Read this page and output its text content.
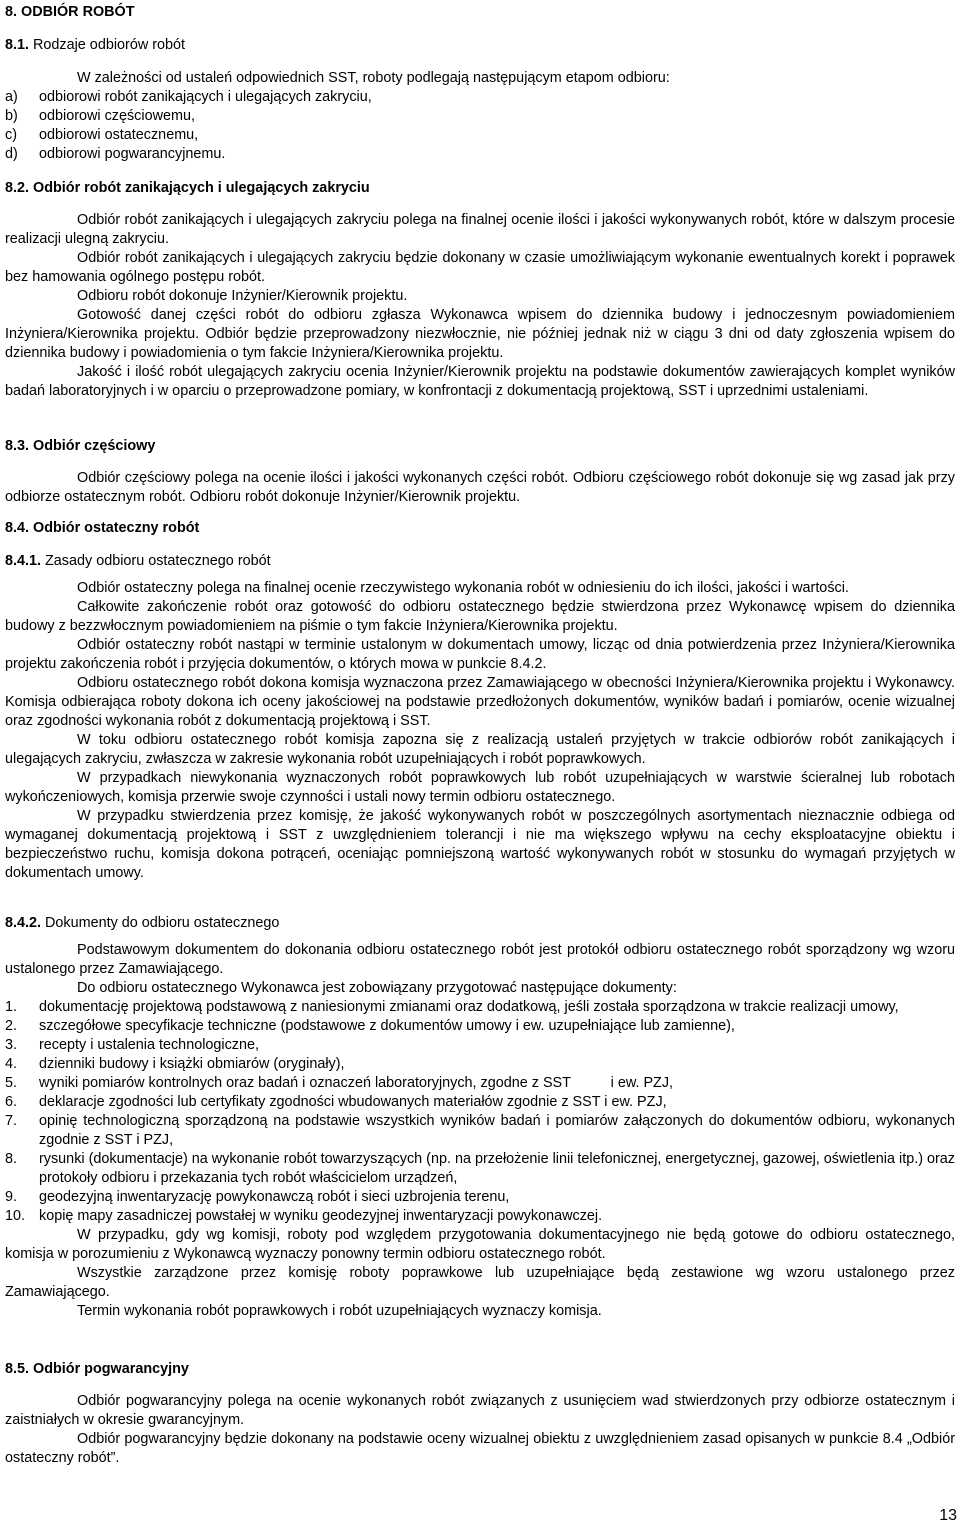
8. ODBIÓR ROBÓT

8.1. Rodzaje odbiorów robót

W zależności od ustaleń odpowiednich SST, roboty podlegają następującym etapom odbioru:

a) odbiorowi robót zanikających i ulegających zakryciu,
b) odbiorowi częściowemu,
c) odbiorowi ostatecznemu,
d) odbiorowi pogwarancyjnemu.

8.2. Odbiór robót zanikających i ulegających zakryciu

Odbiór robót zanikających i ulegających zakryciu polega na finalnej ocenie ilości i jakości wykonywanych robót, które w dalszym procesie realizacji ulegną zakryciu.

Odbiór robót zanikających i ulegających zakryciu będzie dokonany w czasie umożliwiającym wykonanie ewentualnych korekt i poprawek bez hamowania ogólnego postępu robót.

Odbioru robót dokonuje Inżynier/Kierownik projektu.

Gotowość danej części robót do odbioru zgłasza Wykonawca wpisem do dziennika budowy i jednoczesnym powiadomieniem Inżyniera/Kierownika projektu. Odbiór będzie przeprowadzony niezwłocznie, nie później jednak niż w ciągu 3 dni od daty zgłoszenia wpisem do dziennika budowy i powiadomienia o tym fakcie Inżyniera/Kierownika projektu.

Jakość i ilość robót ulegających zakryciu ocenia Inżynier/Kierownik projektu na podstawie dokumentów zawierających komplet wyników badań laboratoryjnych i w oparciu o przeprowadzone pomiary, w konfrontacji z dokumentacją projektową, SST i uprzednimi ustaleniami.

8.3. Odbiór częściowy

Odbiór częściowy polega na ocenie ilości i jakości wykonanych części robót. Odbioru częściowego robót dokonuje się wg zasad jak przy odbiorze ostatecznym robót. Odbioru robót dokonuje Inżynier/Kierownik projektu.

8.4. Odbiór ostateczny robót

8.4.1. Zasady odbioru ostatecznego robót

Odbiór ostateczny polega na finalnej ocenie rzeczywistego wykonania robót w odniesieniu do ich ilości, jakości i wartości.

Całkowite zakończenie robót oraz gotowość do odbioru ostatecznego będzie stwierdzona przez Wykonawcę wpisem do dziennika budowy z bezzwłocznym powiadomieniem na piśmie o tym fakcie Inżyniera/Kierownika projektu.

Odbiór ostateczny robót nastąpi w terminie ustalonym w dokumentach umowy, licząc od dnia potwierdzenia przez Inżyniera/Kierownika projektu zakończenia robót i przyjęcia dokumentów, o których mowa w punkcie 8.4.2.

Odbioru ostatecznego robót dokona komisja wyznaczona przez Zamawiającego w obecności Inżyniera/Kierownika projektu i Wykonawcy. Komisja odbierająca roboty dokona ich oceny jakościowej na podstawie przedłożonych dokumentów, wyników badań i pomiarów, ocenie wizualnej oraz zgodności wykonania robót z dokumentacją projektową i SST.

W toku odbioru ostatecznego robót komisja zapozna się z realizacją ustaleń przyjętych w trakcie odbiorów robót zanikających i ulegających zakryciu, zwłaszcza w zakresie wykonania robót uzupełniających i robót poprawkowych.

W przypadkach niewykonania wyznaczonych robót poprawkowych lub robót uzupełniających w warstwie ścieralnej lub robotach wykończeniowych, komisja przerwie swoje czynności i ustali nowy termin odbioru ostatecznego.

W przypadku stwierdzenia przez komisję, że jakość wykonywanych robót w poszczególnych asortymentach nieznacznie odbiega od wymaganej dokumentacją projektową i SST z uwzględnieniem tolerancji i nie ma większego wpływu na cechy eksploatacyjne obiektu i bezpieczeństwo ruchu, komisja dokona potrąceń, oceniając pomniejszoną wartość wykonywanych robót w stosunku do wymagań przyjętych w dokumentach umowy.

8.4.2. Dokumenty do odbioru ostatecznego

Podstawowym dokumentem do dokonania odbioru ostatecznego robót jest protokół odbioru ostatecznego robót sporządzony wg wzoru ustalonego przez Zamawiającego.

Do odbioru ostatecznego Wykonawca jest zobowiązany przygotować następujące dokumenty:

1. dokumentację projektową podstawową z naniesionymi zmianami oraz dodatkową, jeśli została sporządzona w trakcie realizacji umowy,
2. szczegółowe specyfikacje techniczne (podstawowe z dokumentów umowy i ew. uzupełniające lub zamienne),
3. recepty i ustalenia technologiczne,
4. dzienniki budowy i książki obmiarów (oryginały),
5. wyniki pomiarów kontrolnych oraz badań i oznaczeń laboratoryjnych, zgodne z SST          i ew. PZJ,
6. deklaracje zgodności lub certyfikaty zgodności wbudowanych materiałów zgodnie z SST i ew. PZJ,
7. opinię technologiczną sporządzoną na podstawie wszystkich wyników badań i pomiarów załączonych do dokumentów odbioru, wykonanych zgodnie z SST i PZJ,
8. rysunki (dokumentacje) na wykonanie robót towarzyszących (np. na przełożenie linii telefonicznej, energetycznej, gazowej, oświetlenia itp.) oraz protokoły odbioru i przekazania tych robót właścicielom urządzeń,
9. geodezyjną inwentaryzację powykonawczą robót i sieci uzbrojenia terenu,
10. kopię mapy zasadniczej powstałej w wyniku geodezyjnej inwentaryzacji powykonawczej.

W przypadku, gdy wg komisji, roboty pod względem przygotowania dokumentacyjnego nie będą gotowe do odbioru ostatecznego, komisja w porozumieniu z Wykonawcą wyznaczy ponowny termin odbioru ostatecznego robót.

Wszystkie zarządzone przez komisję roboty poprawkowe lub uzupełniające będą zestawione wg wzoru ustalonego przez Zamawiającego.

Termin wykonania robót poprawkowych i robót uzupełniających wyznaczy komisja.

8.5. Odbiór pogwarancyjny

Odbiór pogwarancyjny polega na ocenie wykonanych robót związanych z usunięciem wad stwierdzonych przy odbiorze ostatecznym i zaistniałych w okresie gwarancyjnym.

Odbiór pogwarancyjny będzie dokonany na podstawie oceny wizualnej obiektu z uwzględnieniem zasad opisanych w punkcie 8.4 „Odbiór ostateczny robót”.

13
